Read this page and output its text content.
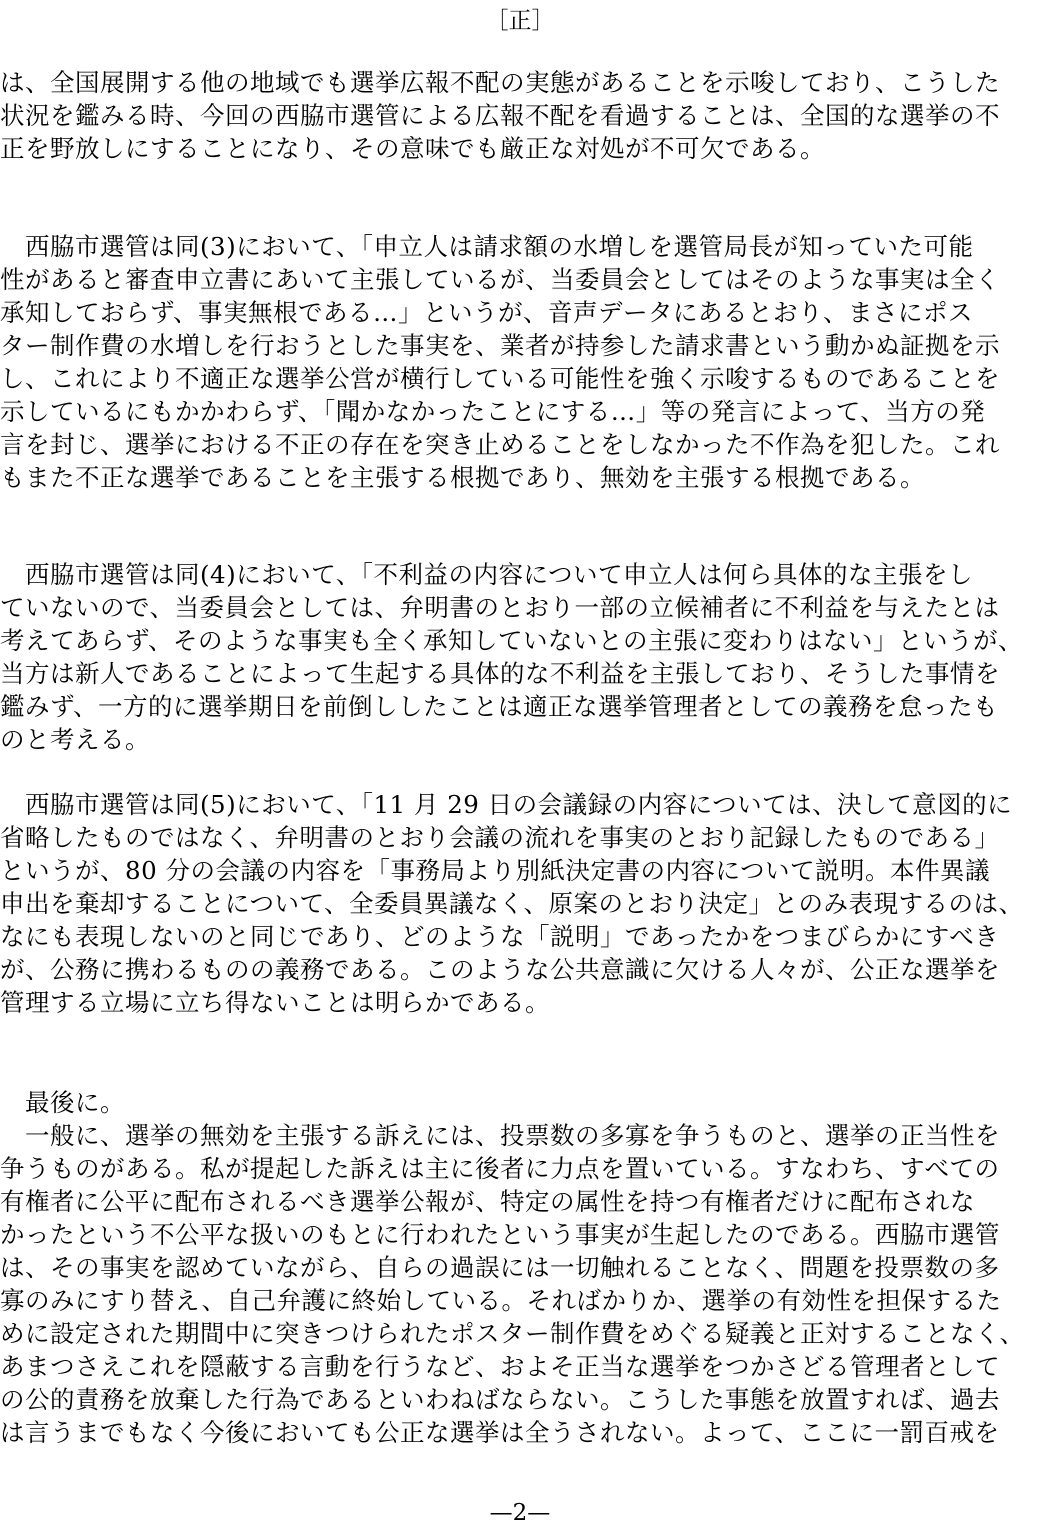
［正］
は、全国展開する他の地域でも選挙広報不配の実態があることを示唆しており、こうした
状況を鑑みる時、今回の西脇市選管による広報不配を看過することは、全国的な選挙の不
正を野放しにすることになり、その意味でも厳正な対処が不可欠である。
　西脇市選管は同(3)において、「申立人は請求額の水増しを選管局長が知っていた可能
性があると審査申立書にあいて主張しているが、当委員会としてはそのような事実は全く
承知しておらず、事実無根である…」というが、音声データにあるとおり、まさにポス
ター制作費の水増しを行おうとした事実を、業者が持参した請求書という動かぬ証拠を示
し、これにより不適正な選挙公営が横行している可能性を強く示唆するものであることを
示しているにもかかわらず、「聞かなかったことにする…」等の発言によって、当方の発
言を封じ、選挙における不正の存在を突き止めることをしなかった不作為を犯した。これ
もまた不正な選挙であることを主張する根拠であり、無効を主張する根拠である。
　西脇市選管は同(4)において、「不利益の内容について申立人は何ら具体的な主張をし
ていないので、当委員会としては、弁明書のとおり一部の立候補者に不利益を与えたとは
考えてあらず、そのような事実も全く承知していないとの主張に変わりはない」というが、
当方は新人であることによって生起する具体的な不利益を主張しており、そうした事情を
鑑みず、一方的に選挙期日を前倒ししたことは適正な選挙管理者としての義務を怠ったも
のと考える。
　西脇市選管は同(5)において、「11 月 29 日の会議録の内容については、決して意図的に
省略したものではなく、弁明書のとおり会議の流れを事実のとおり記録したものである」
というが、80 分の会議の内容を「事務局より別紙決定書の内容について説明。本件異議
申出を棄却することについて、全委員異議なく、原案のとおり決定」とのみ表現するのは、
なにも表現しないのと同じであり、どのような「説明」であったかをつまびらかにすべき
が、公務に携わるものの義務である。このような公共意識に欠ける人々が、公正な選挙を
管理する立場に立ち得ないことは明らかである。
　最後に。
　一般に、選挙の無効を主張する訴えには、投票数の多寡を争うものと、選挙の正当性を
争うものがある。私が提起した訴えは主に後者に力点を置いている。すなわち、すべての
有権者に公平に配布されるべき選挙公報が、特定の属性を持つ有権者だけに配布されな
かったという不公平な扱いのもとに行われたという事実が生起したのである。西脇市選管
は、その事実を認めていながら、自らの過誤には一切触れることなく、問題を投票数の多
寡のみにすり替え、自己弁護に終始している。そればかりか、選挙の有効性を担保するた
めに設定された期間中に突きつけられたポスター制作費をめぐる疑義と正対することなく、
あまつさえこれを隠蔽する言動を行うなど、およそ正当な選挙をつかさどる管理者として
の公的責務を放棄した行為であるといわねばならない。こうした事態を放置すれば、過去
は言うまでもなく今後においても公正な選挙は全うされない。よって、ここに一罰百戒を
—2—
